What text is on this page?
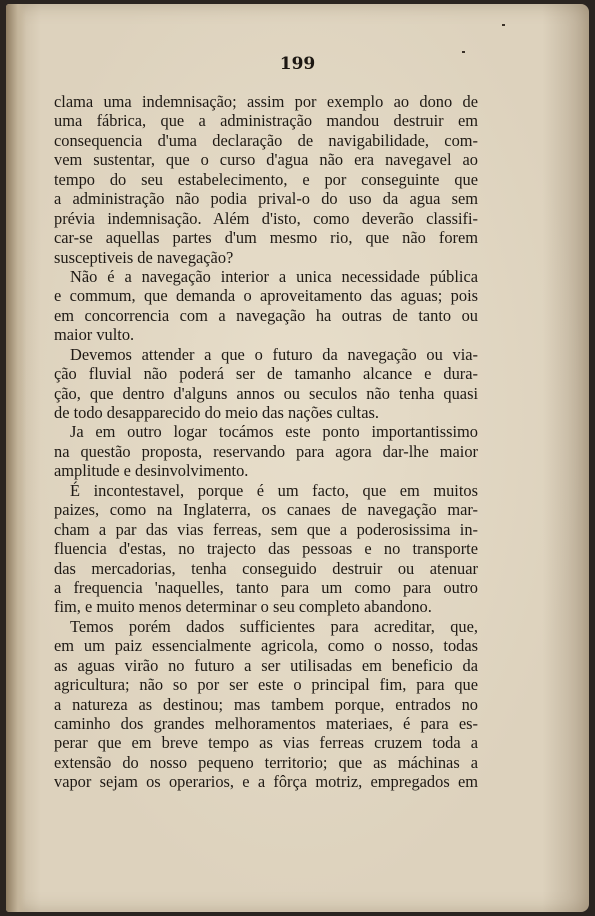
199
clama uma indemnisação; assim por exemplo ao dono de
uma fábrica, que a administração mandou destruir em
consequencia d'uma declaração de navigabilidade, com-
vem sustentar, que o curso d'agua não era navegavel ao
tempo do seu estabelecimento, e por conseguinte que
a administração não podia prival-o do uso da agua sem
prévia indemnisação. Além d'isto, como deverão classifi-
car-se aquellas partes d'um mesmo rio, que não forem
susceptiveis de navegação?
Não é a navegação interior a unica necessidade pública
e commum, que demanda o aproveitamento das aguas; pois
em concorrencia com a navegação ha outras de tanto ou
maior vulto.
Devemos attender a que o futuro da navegação ou via-
ção fluvial não poderá ser de tamanho alcance e dura-
ção, que dentro d'alguns annos ou seculos não tenha quasi
de todo desapparecido do meio das nações cultas.
Ja em outro logar tocámos este ponto importantissimo
na questão proposta, reservando para agora dar-lhe maior
amplitude e desinvolvimento.
É incontestavel, porque é um facto, que em muitos
paizes, como na Inglaterra, os canaes de navegação mar-
cham a par das vias ferreas, sem que a poderosissima in-
fluencia d'estas, no trajecto das pessoas e no transporte
das mercadorias, tenha conseguido destruir ou atenuar
a frequencia 'naquelles, tanto para um como para outro
fim, e muito menos determinar o seu completo abandono.
Temos porém dados sufficientes para acreditar, que,
em um paiz essencialmente agricola, como o nosso, todas
as aguas virão no futuro a ser utilisadas em beneficio da
agricultura; não so por ser este o principal fim, para que
a natureza as destinou; mas tambem porque, entrados no
caminho dos grandes melhoramentos materiaes, é para es-
perar que em breve tempo as vias ferreas cruzem toda a
extensão do nosso pequeno territorio; que as máchinas a
vapor sejam os operarios, e a fôrça motriz, empregados em
